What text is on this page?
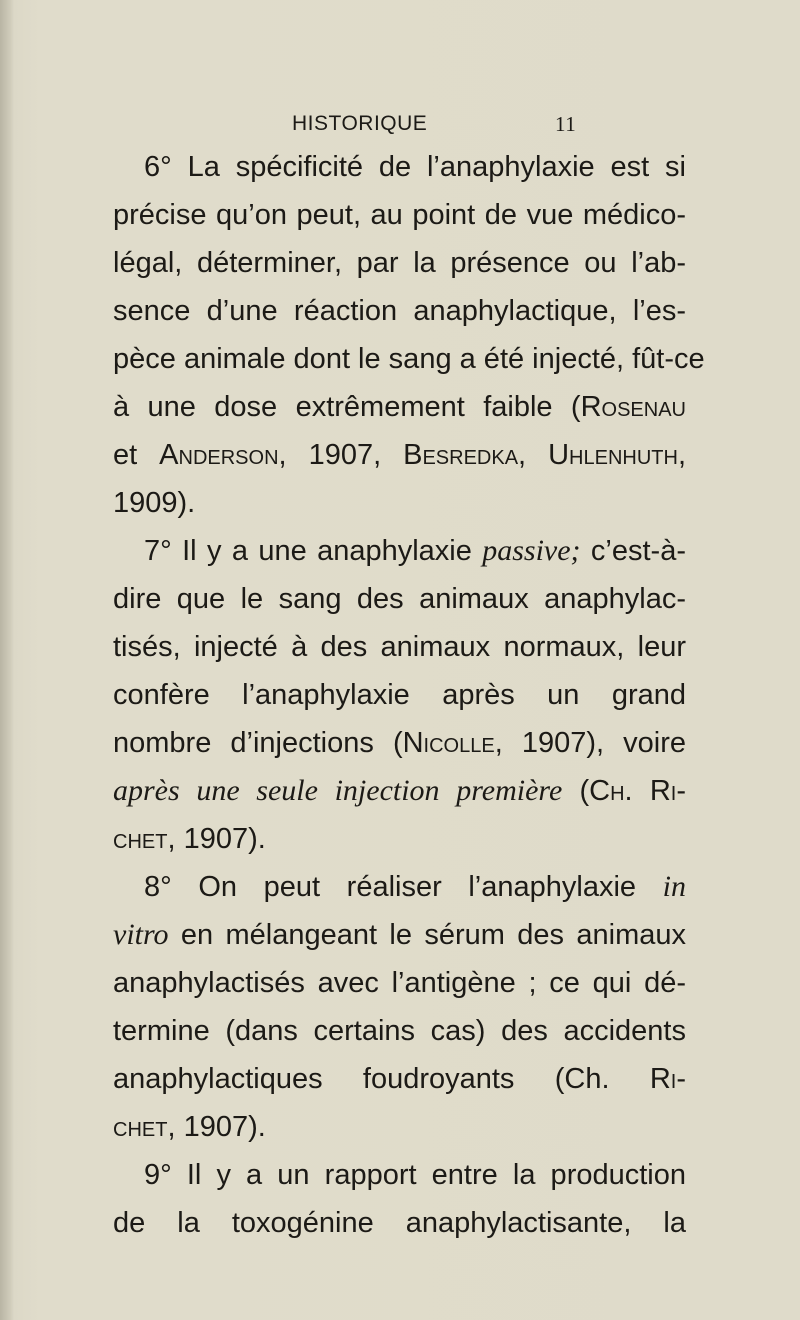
HISTORIQUE	11
6° La spécificité de l’anaphylaxie est si
précise qu’on peut, au point de vue médico-
légal, déterminer, par la présence ou l’ab-
sence d’une réaction anaphylactique, l’es-
pèce animale dont le sang a été injecté, fût-ce
à une dose extrêmement faible (Rosenau
et Anderson, 1907, Besredka, Uhlenhuth,
1909).
7° Il y a une anaphylaxie passive; c’est-à-
dire que le sang des animaux anaphylac-
tisés, injecté à des animaux normaux, leur
confère l’anaphylaxie après un grand
nombre d’injections (Nicolle, 1907), voire
après une seule injection première (Ch. Ri-
chet, 1907).
8° On peut réaliser l’anaphylaxie in
vitro en mélangeant le sérum des animaux
anaphylactisés avec l’antigène ; ce qui dé-
termine (dans certains cas) des accidents
anaphylactiques foudroyants (Ch. Ri-
chet, 1907).
9° Il y a un rapport entre la production
de la toxogénine anaphylactisante, la
